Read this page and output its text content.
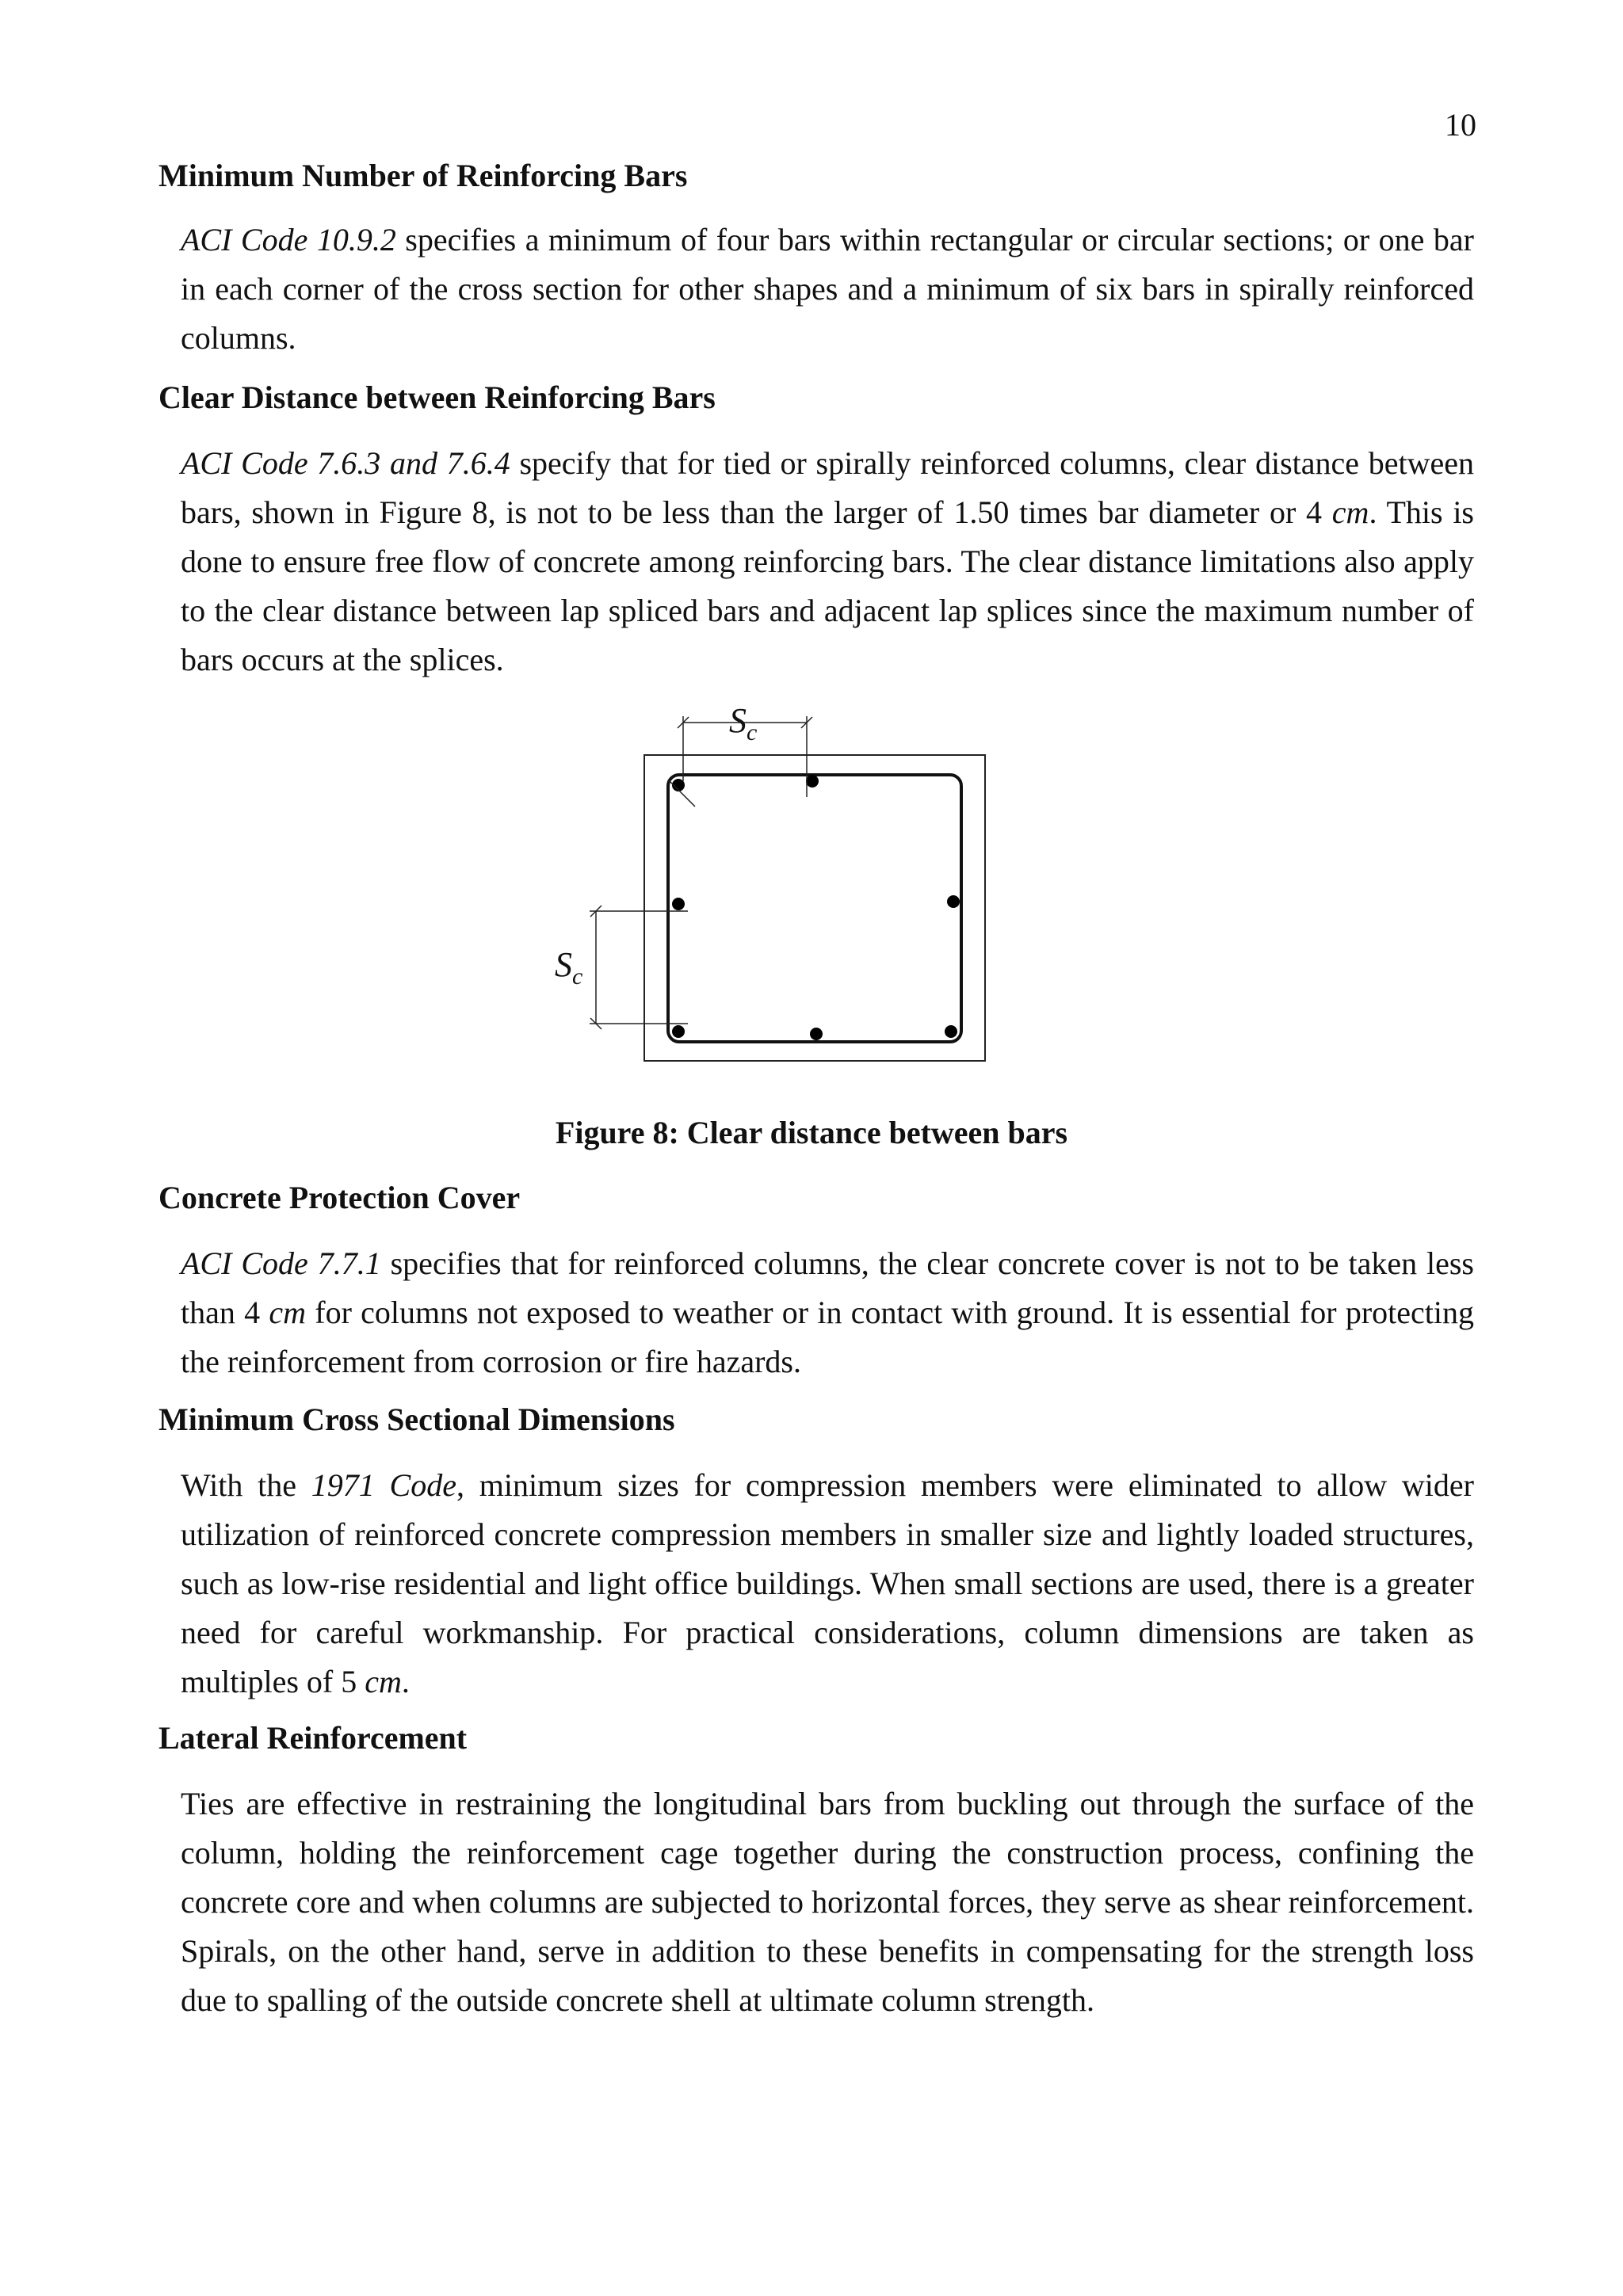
10
Minimum Number of Reinforcing Bars

ACI Code 10.9.2 specifies a minimum of four bars within rectangular or circular sections; or one bar in each corner of the cross section for other shapes and a minimum of six bars in spirally reinforced columns.

Clear Distance between Reinforcing Bars

ACI Code 7.6.3 and 7.6.4 specify that for tied or spirally reinforced columns, clear distance between bars, shown in Figure 8, is not to be less than the larger of 1.50 times bar diameter or 4 cm. This is done to ensure free flow of concrete among reinforcing bars. The clear distance limitations also apply to the clear distance between lap spliced bars and adjacent lap splices since the maximum number of bars occurs at the splices.

$S_c$
$S_c$

Figure 8: Clear distance between bars

Concrete Protection Cover

ACI Code 7.7.1 specifies that for reinforced columns, the clear concrete cover is not to be taken less than 4 cm for columns not exposed to weather or in contact with ground. It is essential for protecting the reinforcement from corrosion or fire hazards.

Minimum Cross Sectional Dimensions

With the 1971 Code, minimum sizes for compression members were eliminated to allow wider utilization of reinforced concrete compression members in smaller size and lightly loaded structures, such as low-rise residential and light office buildings. When small sections are used, there is a greater need for careful workmanship. For practical considerations, column dimensions are taken as multiples of 5 cm.

Lateral Reinforcement

Ties are effective in restraining the longitudinal bars from buckling out through the surface of the column, holding the reinforcement cage together during the construction process, confining the concrete core and when columns are subjected to horizontal forces, they serve as shear reinforcement. Spirals, on the other hand, serve in addition to these benefits in compensating for the strength loss due to spalling of the outside concrete shell at ultimate column strength.
